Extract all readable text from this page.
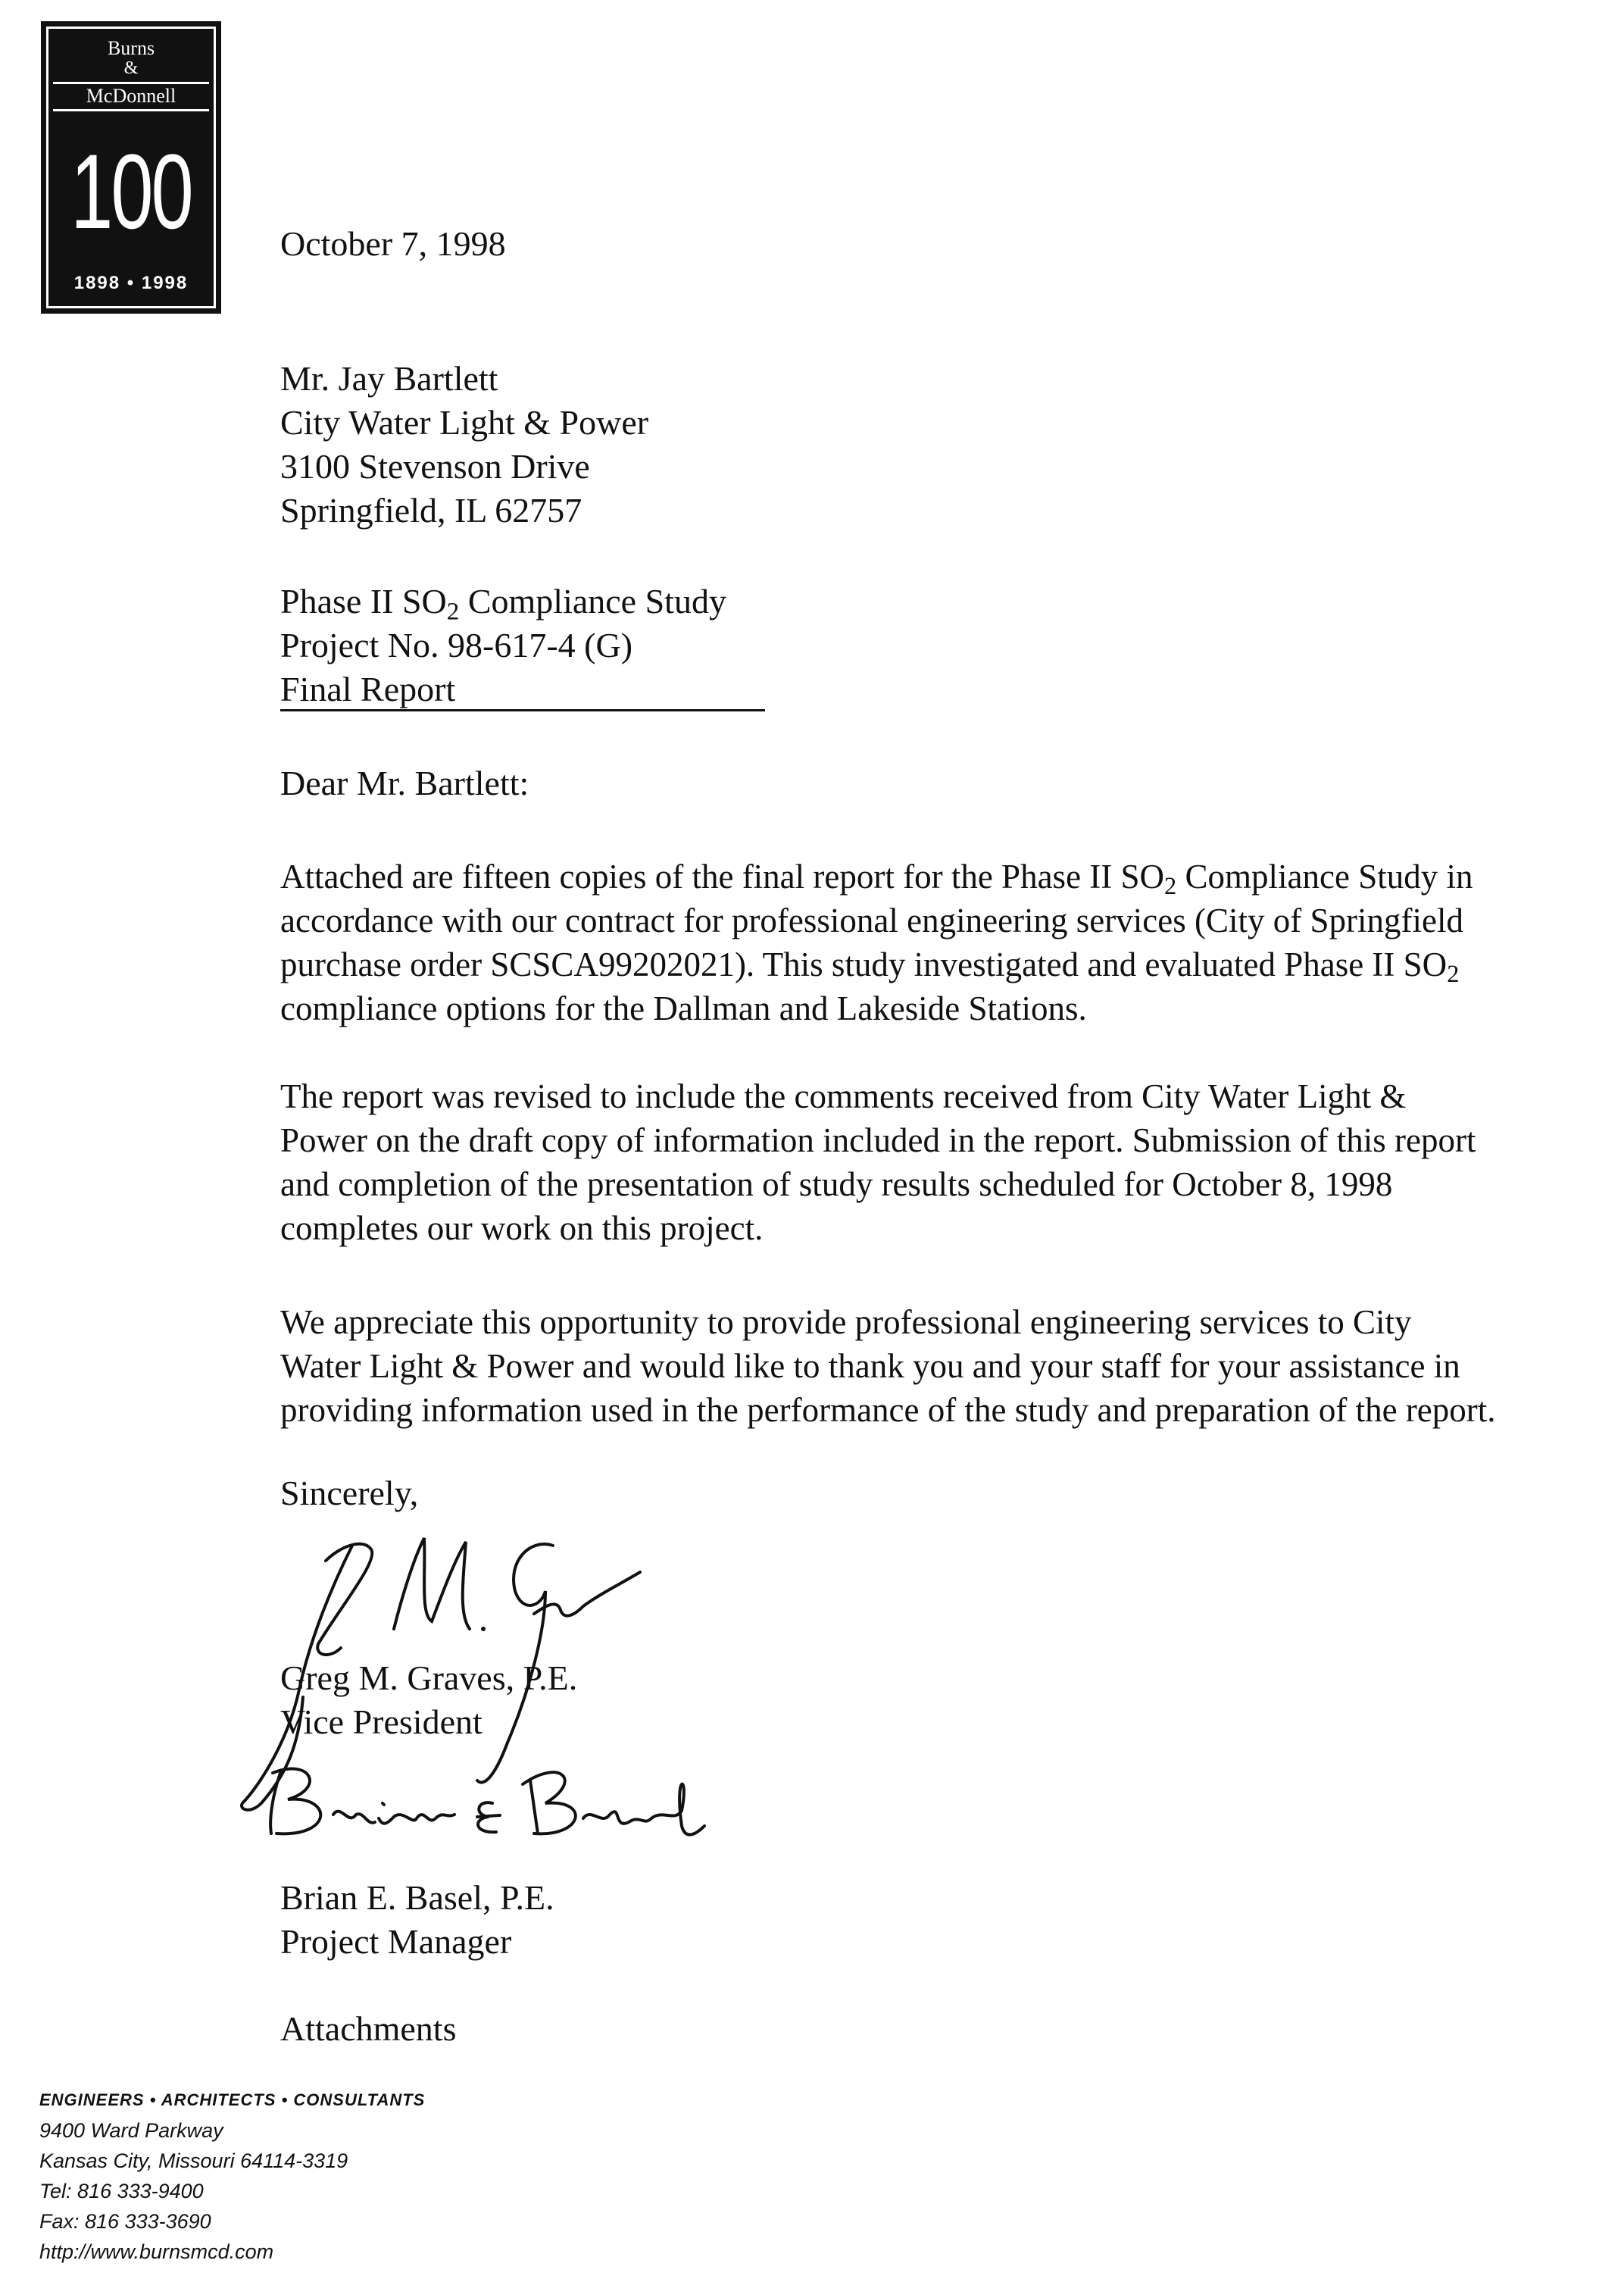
Burns
&
McDonnell
100
1898 • 1998
October 7, 1998
Mr. Jay Bartlett
City Water Light & Power
3100 Stevenson Drive
Springfield, IL 62757
Phase II $SO_2$ Compliance Study
Project No. 98-617-4 (G)
Final Report
Dear Mr. Bartlett:
Attached are fifteen copies of the final report for the Phase II $SO_2$ Compliance Study in
accordance with our contract for professional engineering services (City of Springfield
purchase order SCSCA99202021). This study investigated and evaluated Phase II $SO_2$
compliance options for the Dallman and Lakeside Stations.
The report was revised to include the comments received from City Water Light &
Power on the draft copy of information included in the report. Submission of this report
and completion of the presentation of study results scheduled for October 8, 1998
completes our work on this project.
We appreciate this opportunity to provide professional engineering services to City
Water Light & Power and would like to thank you and your staff for your assistance in
providing information used in the performance of the study and preparation of the report.
Sincerely,
Greg M. Graves, P.E.
Vice President
Brian E. Basel, P.E.
Project Manager
Attachments
ENGINEERS • ARCHITECTS • CONSULTANTS
9400 Ward Parkway
Kansas City, Missouri 64114-3319
Tel: 816 333-9400
Fax: 816 333-3690
http://www.burnsmcd.com
